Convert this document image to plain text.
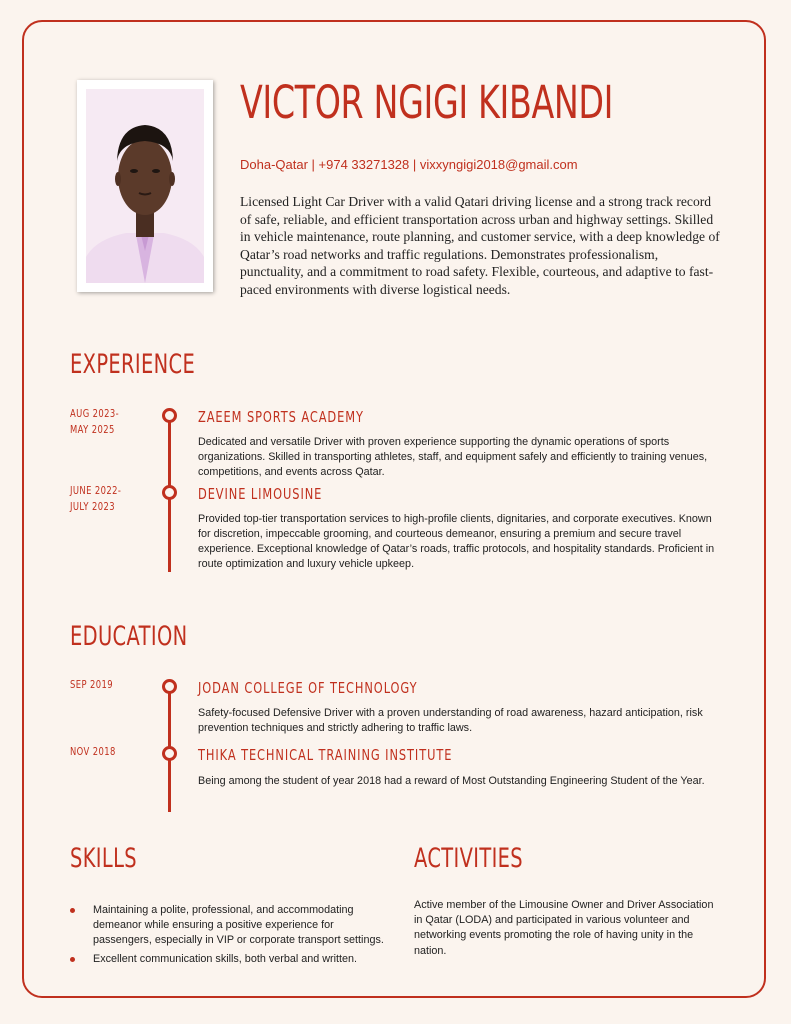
VICTOR NGIGI KIBANDI
Doha-Qatar | +974 33271328 | vixxyngigi2018@gmail.com

Licensed Light Car Driver with a valid Qatari driving license and a strong track record of safe, reliable, and efficient transportation across urban and highway settings. Skilled in vehicle maintenance, route planning, and customer service, with a deep knowledge of Qatar’s road networks and traffic regulations. Demonstrates professionalism, punctuality, and a commitment to road safety. Flexible, courteous, and adaptive to fast-paced environments with diverse logistical needs.

EXPERIENCE
AUG 2023-
MAY 2025
ZAEEM SPORTS ACADEMY

Dedicated and versatile Driver with proven experience supporting the dynamic operations of sports organizations. Skilled in transporting athletes, staff, and equipment safely and efficiently to training venues, competitions, and events across Qatar.

JUNE 2022-
JULY 2023
DEVINE LIMOUSINE

Provided top-tier transportation services to high-profile clients, dignitaries, and corporate executives. Known for discretion, impeccable grooming, and courteous demeanor, ensuring a premium and secure travel experience. Exceptional knowledge of Qatar’s roads, traffic protocols, and hospitality standards. Proficient in route optimization and luxury vehicle upkeep.

EDUCATION
SEP 2019	JODAN COLLEGE OF TECHNOLOGY

Safety-focused Defensive Driver with a proven understanding of road awareness, hazard anticipation, risk prevention techniques and strictly adhering to traffic laws.

NOV 2018	THIKA TECHNICAL TRAINING INSTITUTE

Being among the student of year 2018 had a reward of Most Outstanding Engineering Student of the Year.

SKILLS
Maintaining a polite, professional, and accommodating demeanor while ensuring a positive experience for passengers, especially in VIP or corporate transport settings.
Excellent communication skills, both verbal and written.
ACTIVITIES

Active member of the Limousine Owner and Driver Association in Qatar (LODA) and participated in various volunteer and networking events promoting the role of having unity in the nation.
